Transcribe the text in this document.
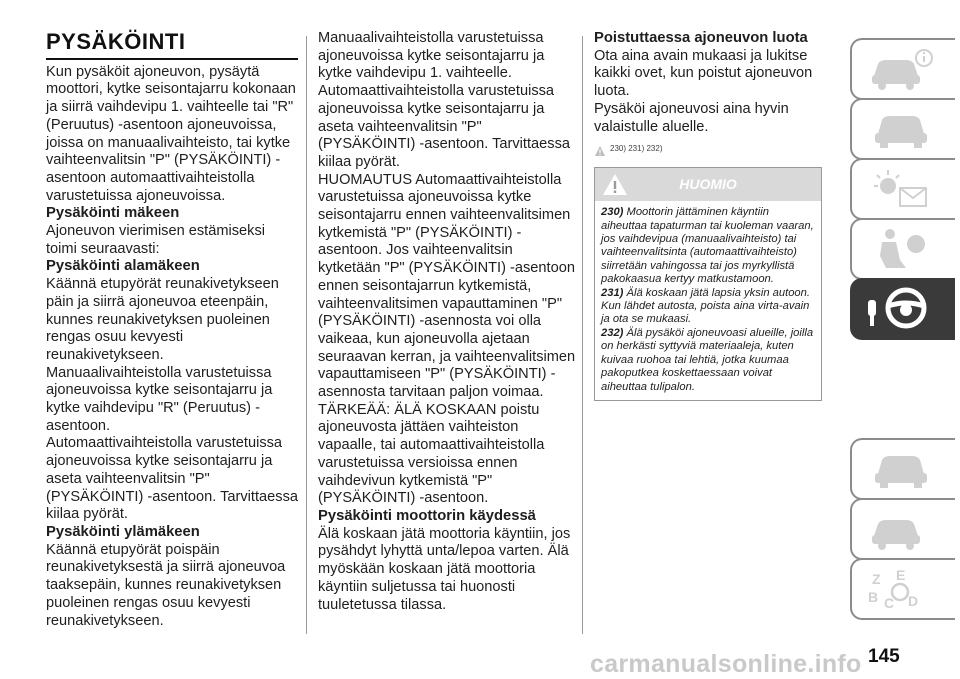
PYSÄKÖINTI

Kun pysäköit ajoneuvon, pysäytä moottori, kytke seisontajarru kokonaan ja siirrä vaihdevipu 1. vaihteelle tai "R" (Peruutus) -asentoon ajoneuvoissa, joissa on manuaalivaihteisto, tai kytke vaihteenvalitsin "P" (PYSÄKÖINTI) -asentoon automaattivaihteistolla varustetuissa ajoneuvoissa.

Pysäköinti mäkeen

Ajoneuvon vierimisen estämiseksi toimi seuraavasti:

Pysäköinti alamäkeen

Käännä etupyörät reunakivetykseen päin ja siirrä ajoneuvoa eteenpäin, kunnes reunakivetyksen puoleinen rengas osuu kevyesti reunakivetykseen.

Manuaalivaihteistolla varustetuissa ajoneuvoissa kytke seisontajarru ja kytke vaihdevipu "R" (Peruutus) -asentoon.

Automaattivaihteistolla varustetuissa ajoneuvoissa kytke seisontajarru ja aseta vaihteenvalitsin "P" (PYSÄKÖINTI) -asentoon. Tarvittaessa kiilaa pyörät.

Pysäköinti ylämäkeen

Käännä etupyörät poispäin reunakivetyksestä ja siirrä ajoneuvoa taaksepäin, kunnes reunakivetyksen puoleinen rengas osuu kevyesti reunakivetykseen.

Manuaalivaihteistolla varustetuissa ajoneuvoissa kytke seisontajarru ja kytke vaihdevipu 1. vaihteelle.

Automaattivaihteistolla varustetuissa ajoneuvoissa kytke seisontajarru ja aseta vaihteenvalitsin "P" (PYSÄKÖINTI) -asentoon. Tarvittaessa kiilaa pyörät.

HUOMAUTUS Automaattivaihteistolla varustetuissa ajoneuvoissa kytke seisontajarru ennen vaihteenvalitsimen kytkemistä "P" (PYSÄKÖINTI) -asentoon. Jos vaihteenvalitsin kytketään "P" (PYSÄKÖINTI) -asentoon ennen seisontajarrun kytkemistä, vaihteenvalitsimen vapauttaminen "P" (PYSÄKÖINTI) -asennosta voi olla vaikeaa, kun ajoneuvolla ajetaan seuraavan kerran, ja vaihteenvalitsimen vapauttamiseen "P" (PYSÄKÖINTI) -asennosta tarvitaan paljon voimaa.

TÄRKEÄÄ: ÄLÄ KOSKAAN poistu ajoneuvosta jättäen vaihteiston vapaalle, tai automaattivaihteistolla varustetuissa versioissa ennen vaihdevivun kytkemistä "P" (PYSÄKÖINTI) -asentoon.

Pysäköinti moottorin käydessä

Älä koskaan jätä moottoria käyntiin, jos pysähdyt lyhyttä unta/lepoa varten. Älä myöskään koskaan jätä moottoria käyntiin suljetussa tai huonosti tuuletetussa tilassa.

Poistuttaessa ajoneuvon luota

Ota aina avain mukaasi ja lukitse kaikki ovet, kun poistut ajoneuvon luota.

Pysäköi ajoneuvosi aina hyvin valaistulle aluelle.

230) 231) 232)
HUOMIO

230) Moottorin jättäminen käyntiin aiheuttaa tapaturman tai kuoleman vaaran, jos vaihdevipua (manuaalivaihteisto) tai vaihteenvalitsinta (automaattivaihteisto) siirretään vahingossa tai jos myrkyllistä pakokaasua kertyy matkustamoon.

231) Älä koskaan jätä lapsia yksin autoon. Kun lähdet autosta, poista aina virta-avain ja ota se mukaasi.

232) Älä pysäköi ajoneuvoasi alueille, joilla on herkästi syttyviä materiaaleja, kuten kuivaa ruohoa tai lehtiä, jotka kuumaa pakoputkea koskettaessaan voivat aiheuttaa tulipalon.

Z E
B C D
145
carmanualsonline.info
